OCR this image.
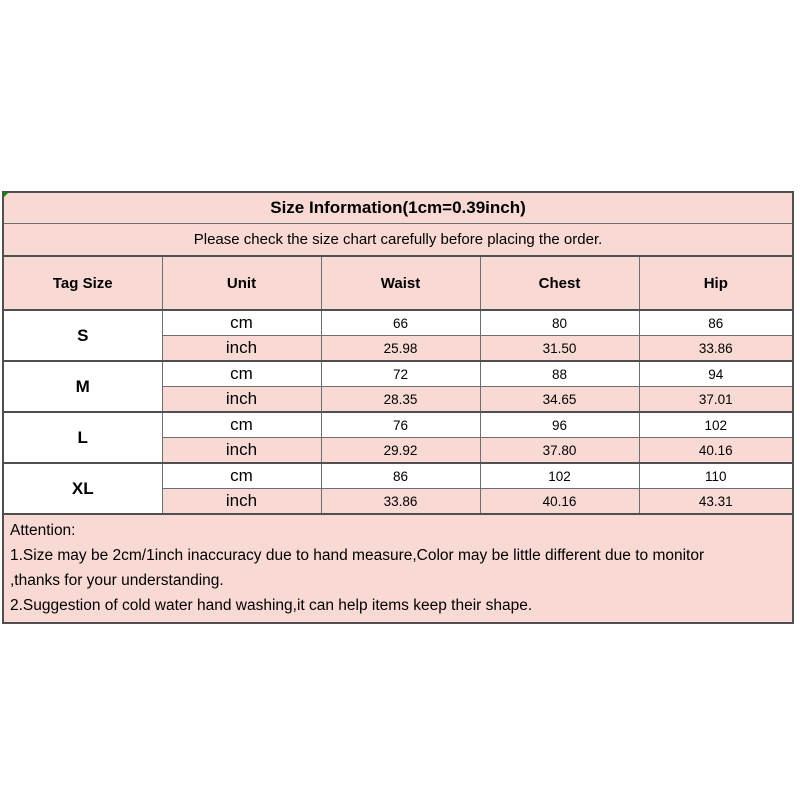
Size Information(1cm=0.39inch)				
Please check the size chart carefully before placing the order.				
Tag Size	Unit	Waist	Chest	Hip
S	cm	66	80	86
	inch	25.98	31.50	33.86
M	cm	72	88	94
	inch	28.35	34.65	37.01
L	cm	76	96	102
	inch	29.92	37.80	40.16
XL	cm	86	102	110
	inch	33.86	40.16	43.31

Attention:
1.Size may be 2cm/1inch inaccuracy due to hand measure,Color may be little different due to monitor
,thanks for your understanding.
2.Suggestion of cold water hand washing,it can help items keep their shape.				
